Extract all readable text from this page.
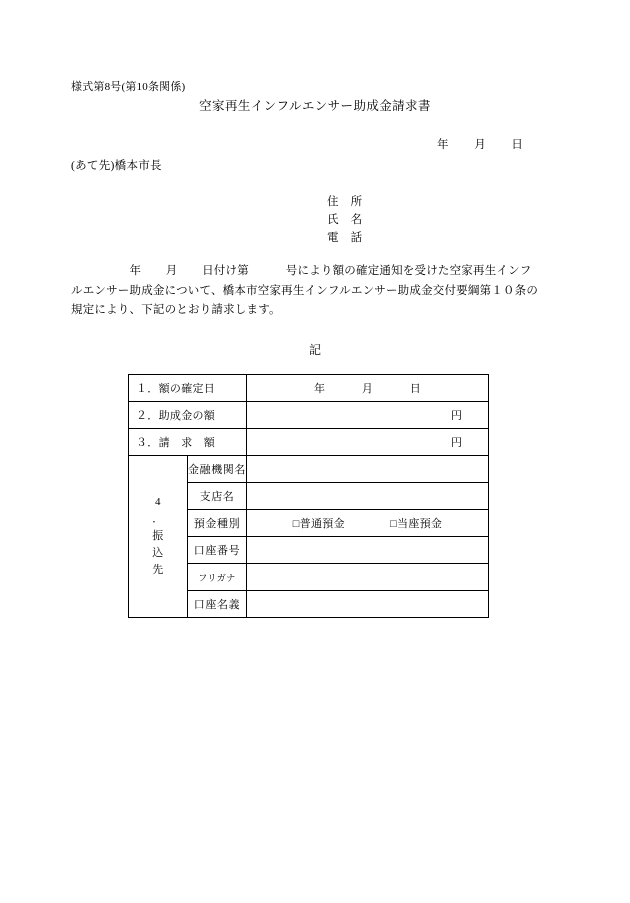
様式第8号(第10条関係)
空家再生インフルエンサー助成金請求書
年        月        日
(あて先)橋本市長
住　所
氏　名
電　話
　　　　　年        月        日付け第            号により額の確定通知を受けた空家再生インフ
ルエンサー助成金について、橋本市空家再生インフルエンサー助成金交付要綱第１０条の
規定により、下記のとおり請求します。
記
１．額の確定日		年            月            日
２．助成金の額		円
３．請　求　額		円

4
．
振
込
先	金融機関名	
	支店名	
	預金種別	□普通預金　　　　□当座預金
	口座番号	
	フリガナ	
	口座名義	
